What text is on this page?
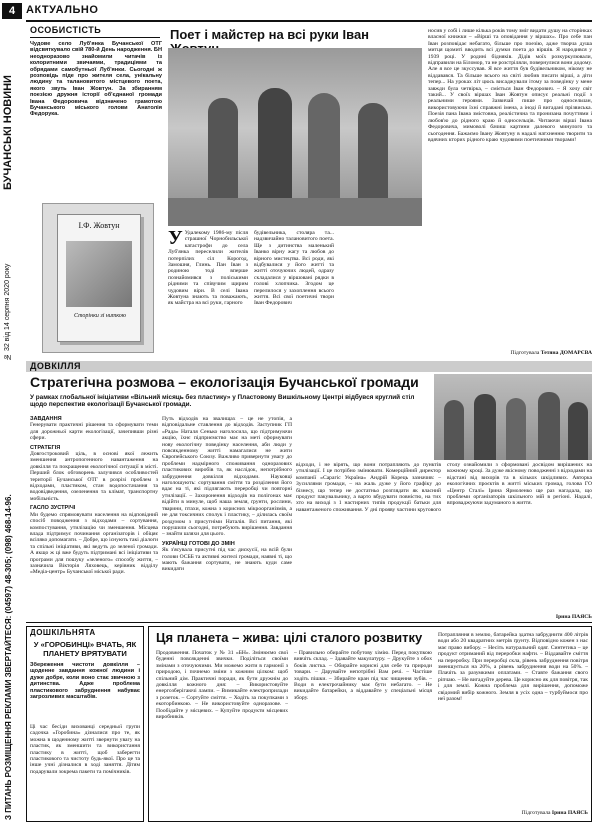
4
БУЧАНСЬКІ НОВИНИ
№ 32 від 14 серпня 2020 року
З ПИТАНЬ РОЗМІЩЕННЯ РЕКЛАМИ ЗВЕРТАЙТЕСЯ: (04597) 48-305; (098) 468-14-96.
АКТУАЛЬНО
ОСОБИСТІСТЬ
Чудове село Луб'янка Бучанської ОТГ відсвяткувало свій 780-й День народження. БН неодноразово знайомили читачів із колоритними звичаями, традиціями та обрядами самобутньої Луб'янки. Сьогодні ж розповідь піде про жителя села, унікальну людину та талановитого містцевого поета, якого звуть Іван Жовтун. За збиранням поезією дружня історії об'єднаної громади Івана Федоровича відзначено грамотою Бучанського міського голови Анатолія Федорука.
І.Ф. Жовтун
Сторінки зі ниткою
Поет і майстер на всі руки Іван
У Удалекому 1986-му після страшної Чорнобильської катастрофи до села Луб'янка переселили жителів потерпілих сіл Корогод, Замошня, Глинь. Пан Іван з родиною тоді вперше познайомився з поліськими рідними та співучим щирим чудовим віри. В селі Івана Жовтуна знають та поважають, як майстра на всі руки, гарного
будівельника, столяра та... надзвичайно талановитого поета. Ще з дитинства маленький Іванко вірну жагу та любов до вірного мистецтва. Всі роди, які відбувалися у його житті та житті оточуючих людей, одразу складалися у віршовані рядки в голові хлопчика. Згодом це перелилося у захоплення всього життя. Всі свої поетичні твори Іван Федорович
носив у собі і лише кілька років тому зміг видати душу на сторінках власної книжки – «Вірші та оповідання у віршах». Про себе пан Іван розповідає небагато, більше про поезію, адже творча душа митця щомиті вводить всі думки поета до віршів. Я народився у 1939 році. У родині бідняків. Дідів моїх розкуркулювали, відправили на Біломор, та не розстріляли, повернулися вони додому. Але я все це зкуссував. Я все життя був будівельником, нікому не віддавався. Та більше всього на світі любив писати вірші, а діти тепер... На уроках літ цюсь висаджували ітому за поведінку у мене завжди була четвірка, – сміється Іван Федорович. – Я хочу світ такий... У своїх віршах Іван Жовтун описує реальні події з реальними героями. Зазвичай пише про односельчан, використовуючи їхні справжні імена, а іноді й вигадані прізвиська. Поезія пана Івана змістовна, реалістична та пронизана почуттями і любов'ю до рідного краю й односельців. Читаючи вірші Івана Федоровича, мимоволі бачиш картини далекого минулого та сьогодення. Бажаємо Івану Жовтуну в надалі натхненню творити та вдячних кторих рідного краю чудовими поетичними творами!
Підготувала Тетяна ДОМАРЄВА
ДОВКІЛЛЯ
Стратегічна розмова – екологізація Бучанської громади
У рамках глобальної ініціативи «Вільний місяць без пластику» у Пластовому Вишкільному Центрі відбувся круглий стіл щодо перспектив екологізації Бучанської громади.
ЗАВДАННЯ
Генерувати практичні рішення та сформувати теми для дорожньої карти екологізації, зачепивши різні сфери.
СТРАТЕГІЯ
Довгостроковий ціль, в основі якої лежить зменшення антропогенного навантаження на довкілля та покращення екологічної ситуації в місті. Перший блок обговорень залучився особливостей території Бучанської ОТГ в розрізі проблем з відходами, пластиком, стан водопостачання та водовідведення, озеленення та клімат, транспортну мобільність.
ГАСЛО ЗУСТРІЧІ
Ми будемо спрямовувати населення на відповідний спосіб поводження з відходами – сортування, компостування, утилізацію чи зменшення. Місцева влада підтримує починання організаторів і обіцяє всіляко допомагати. – Добре, що існують такі діалоги та спільні ініціативи, які ведуть до зеленої громади. А якщо ж ці вже будуть підтримані всі ініціативи та програми для пошуку «зеленого» способу життя, – зазначила Вікторія Ляховець, керівник відділу «Медіа-центр» Бучанської міської ради.
Путь відходів на звалищах – це не утопія, а відповідальне ставлення до відходів. Заступник ГП «Рада» Наталя Сенько наголосила, що підтримуючи акцію, їхнє підприємство має на меті сформувати нову екологічну поведінку населення, аби люди у повсякденному житті намагалися не жити Європейського Союзу. Важливо привернути увагу до проблеми надмірного споживання одноразових пластикових виробів та, як наслідок, непотрібного забруднення довкілля відходами. Науковці наголошують: сортування сміття та розділення його вдає на ті, які підлягають переробці чи повторні утилізації. – Захоронення відходів на полігонах має відійти в минуле, щоб наша земля, ґрунти, рослини, тварини, птахи, кожна з корисних мікроорганізмів, а не для токсичних сполук і пластику, – ділилась своїм роздумом з присутніми Наталія. Всі питання, які порушили сьогодні, потребують вирішення. Завдання – знайти шляхи для цього.
УКРАЇНЦІ ГОТОВІ ДО ЗМІН
Як з'ясувала присутні під час дискусії, на всій були голови ОСББ та активні жителі громади, наявні ті, що мають бажання сортувати, не знають куди саме викидати
відходи, і не вірять, що вони потрапляють до пунктів утилізації. І це потрібно змінювати. Комерційний директор компанії «Сарагіс Україна» Андрій Корець зазначив: – Зусиллями громади, – на жаль дуже у його графіку до бізнесу, що тепер не достатньо розглядати як власний продукт пакувальнику, а варто вбудувати повністю, на тих хто на виході з 1 настирних типів продукції батьки для навантаженого споживання. У дні прояву частини кругового столу ознайомили з сформовані досвідом вирішених на кожному кроці. За дуже якісному поводженні з відходами на відстані від вихорів та в кількох шкідливих. Авторка екологічних проєктів в житті міських громад, голова ГО «Центр Сталі» Ірина Ярмоленко ще раз нагадала, що проблеми організаторів шкільного мій в регіоні. Надалі, впроваджуючи задуманого в життя.
Ірина ПАЯСЬ
ДОШКІЛЬНЯТА
У «ГОРОБИНЦІ» ВЧАТЬ, ЯК ПЛАНЕТУ ВРЯТУВАТИ
Збереження чистоти довкілля – щоденне завдання кожної людини і дуже добре, коли воно стає звичною з дитинства. Адже проблема пластикового забруднення набуває загрозливих масштабів.
Ці час бесіди вихованці середньої групи садочка «Горобина» дізналися про те, як можна в щоденному житті звернути увагу на пластик, як зменшити та використання пластику в житті, щоб заберегти пластикового та чистоту будь-якої. Про це та інше учні дізналися в ході заняття. Дітям подарували зокрема пакети та помічників.
Ця планета – жива: цілі сталого розвитку
Продовження. Початок у № 31 «БН». Змінюємо свої буденні повсякденні звички. Поділіться своїми змінами з оточуючими. Ми можемо жити в гармонії з природою, і почнемо зміни з кожним цілком: щоб спільний дім. Практичні поради, як бути дружнім до довкілля кожного дня: – Використовуйте енергозберігаючі лампи. – Вимикайте електроприлади з розеток. – Сортуйте сміття. – Ходіть за покупками з екоторбинкою. – Не використовуйте одноразове. – Пообідайте у місцевих. – Купуйте продукти місцевих виробників.
– Правильно обирайте побутову хімію. Перед покупкою вивчіть склад. – Здавайте макулатуру. – Друкуйте з обох боків листка. – Обирайте корисні для себе та природи товари. – Дарувайте непотрібні Вам речі. – Частіше ходіть пішки. – Збирайте кран під час чищення зубів. – Води в електрочайнику має бути небагато. – Не викидайте батарейки, а віддавайте у спеціальні місця збору.
Потрапляння в землю, батарейка здатна забруднити 400 літрів води або 20 квадратних метрів ґрунту. Відповідно кожен з нас має право вибору. – Несіть натуральний одяг. Синтетика – це продукт отриманий від переробки нафти. – Віддавайте сміття на переробку. При переробці скла, рівень забруднення повітря зменшується на 20%, а рівень забруднення води на 50%. – Плачіть за разумкими оплатами. – Ставте бажання свого ріпчаю. – Не вигадуйте дерева. Це корисно як для повітря, так і для землі. Кожна проблема для вирішення, допоможе свідомий вибір кожного. Земля в усіх одна – турбуймося про неї разом!
Підготувала Ірина ПАЯСЬ
